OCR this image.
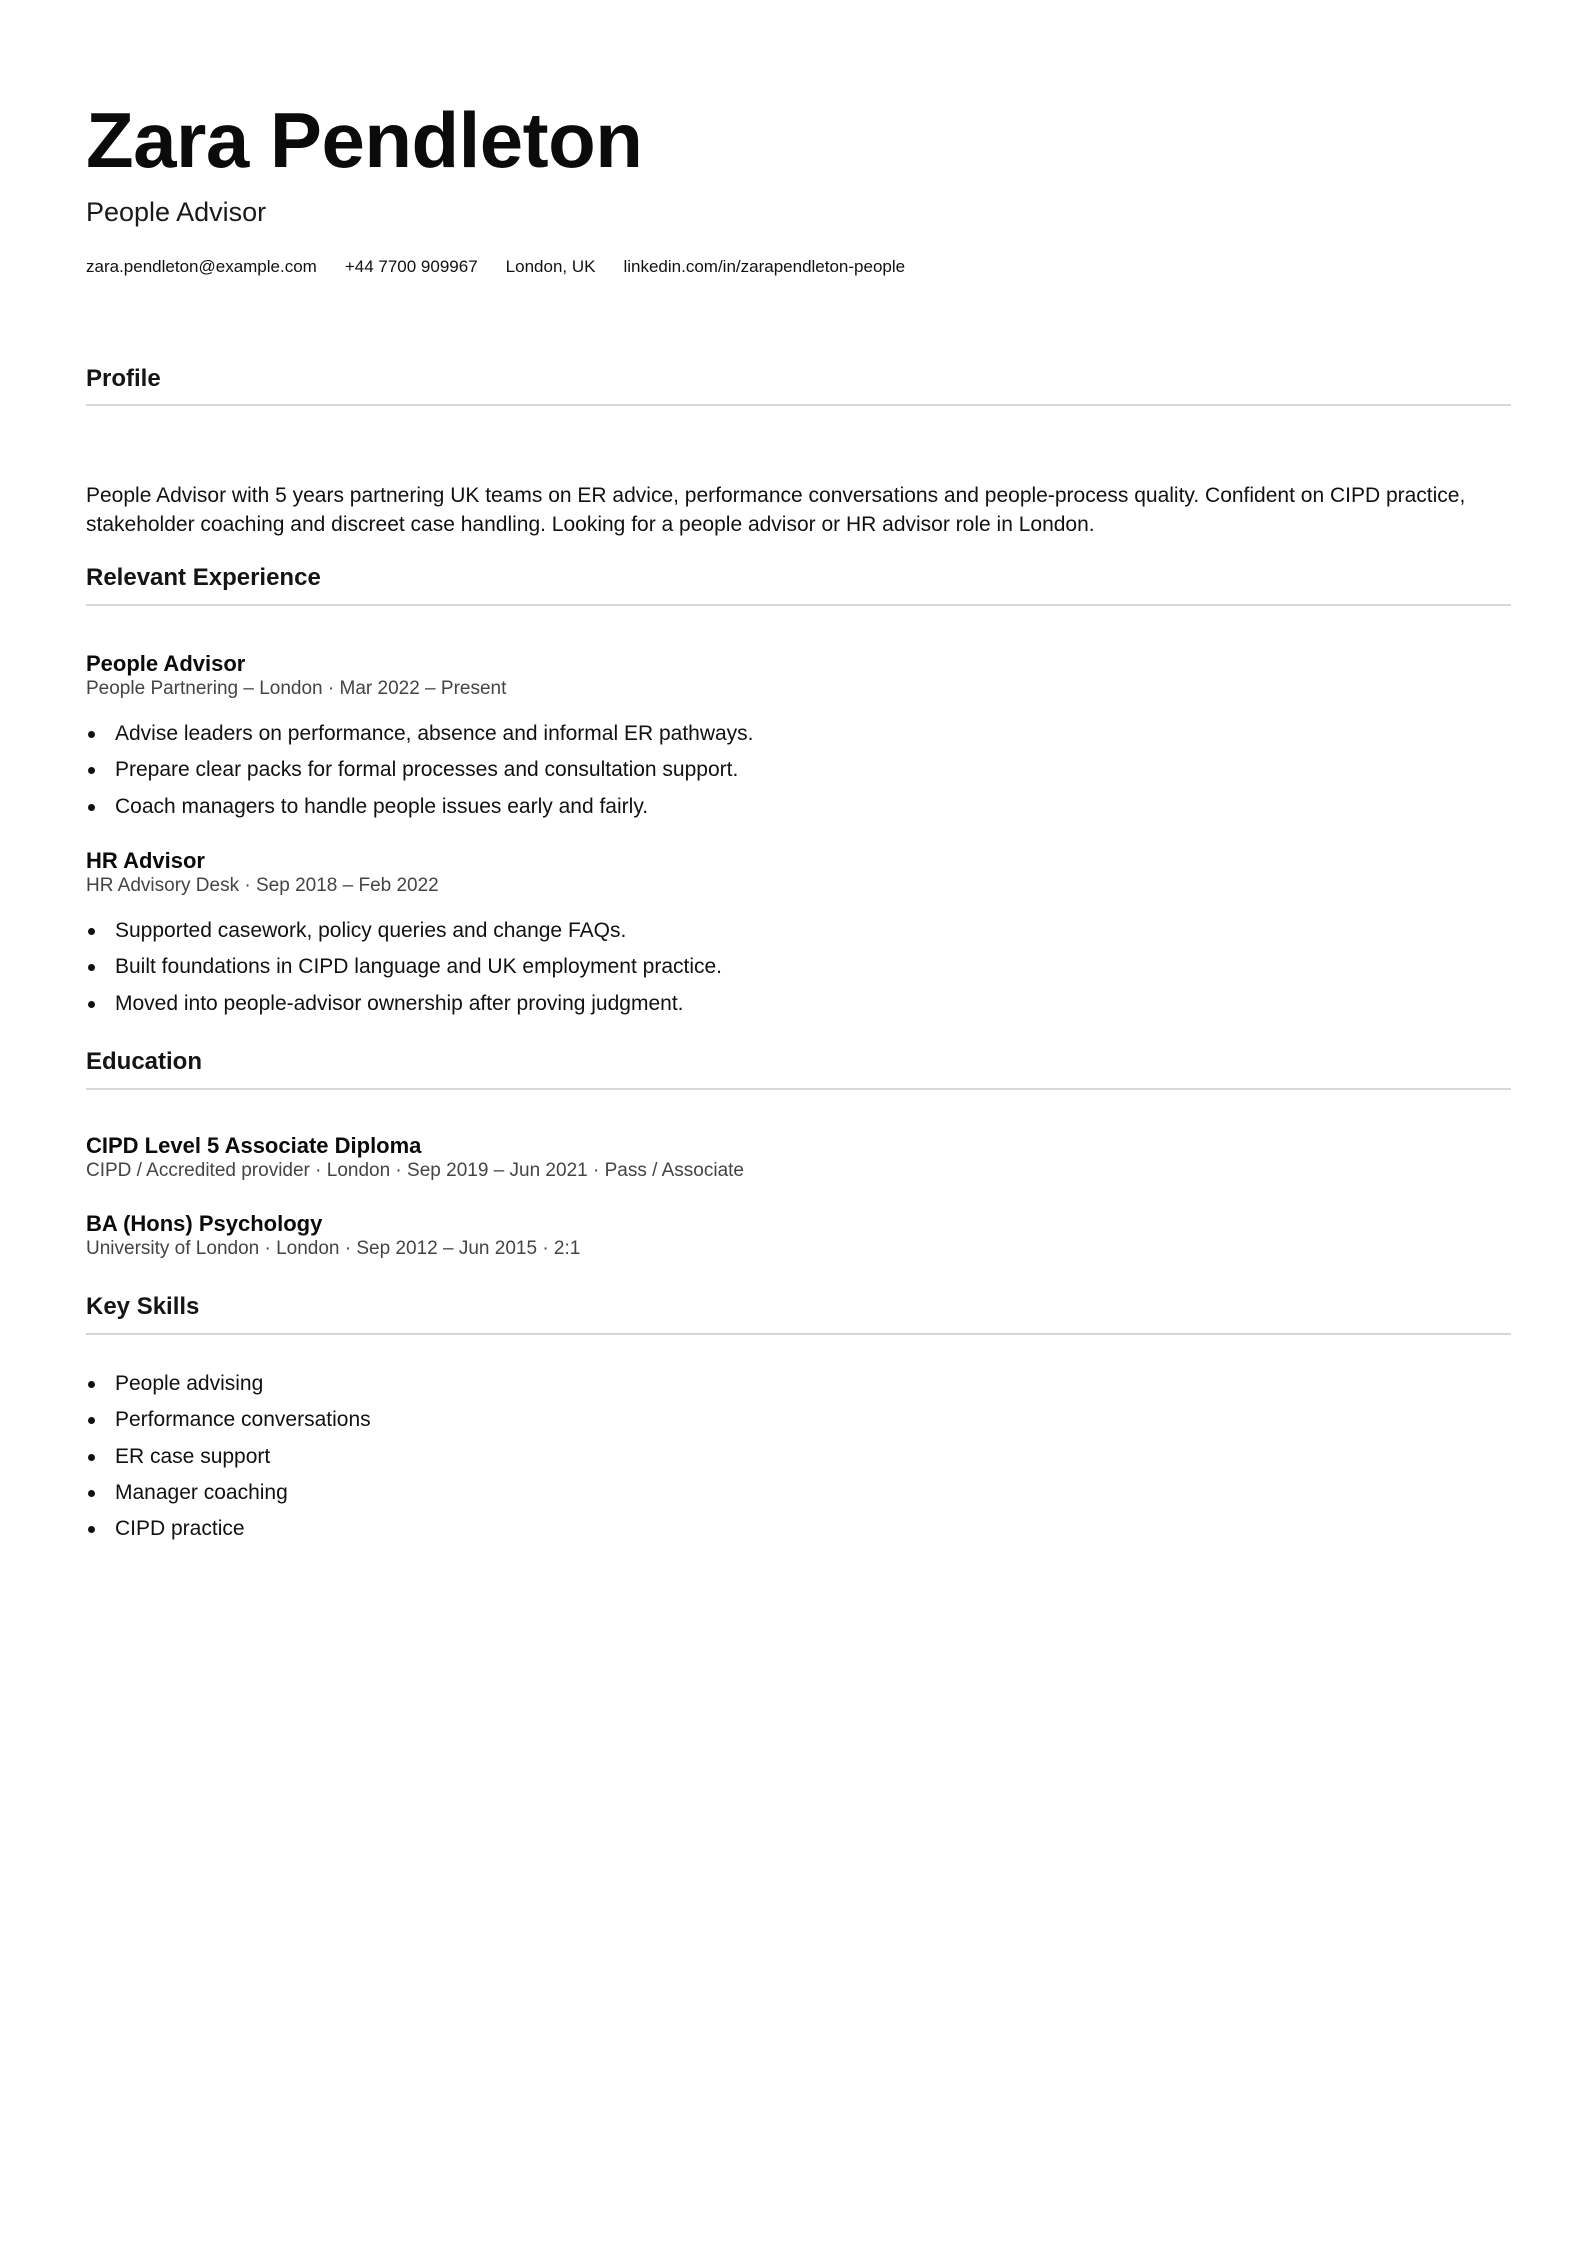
Zara Pendleton
People Advisor
zara.pendleton@example.com +44 7700 909967 London, UK linkedin.com/in/zarapendleton-people
Profile

People Advisor with 5 years partnering UK teams on ER advice, performance conversations and people-process quality. Confident on CIPD practice, stakeholder coaching and discreet case handling. Looking for a people advisor or HR advisor role in London.

Relevant Experience
People Advisor
People Partnering – London · Mar 2022 – Present
Advise leaders on performance, absence and informal ER pathways.
Prepare clear packs for formal processes and consultation support.
Coach managers to handle people issues early and fairly.
HR Advisor
HR Advisory Desk · Sep 2018 – Feb 2022
Supported casework, policy queries and change FAQs.
Built foundations in CIPD language and UK employment practice.
Moved into people-advisor ownership after proving judgment.
Education
CIPD Level 5 Associate Diploma
CIPD / Accredited provider · London · Sep 2019 – Jun 2021 · Pass / Associate
BA (Hons) Psychology
University of London · London · Sep 2012 – Jun 2015 · 2:1
Key Skills
People advising
Performance conversations
ER case support
Manager coaching
CIPD practice
